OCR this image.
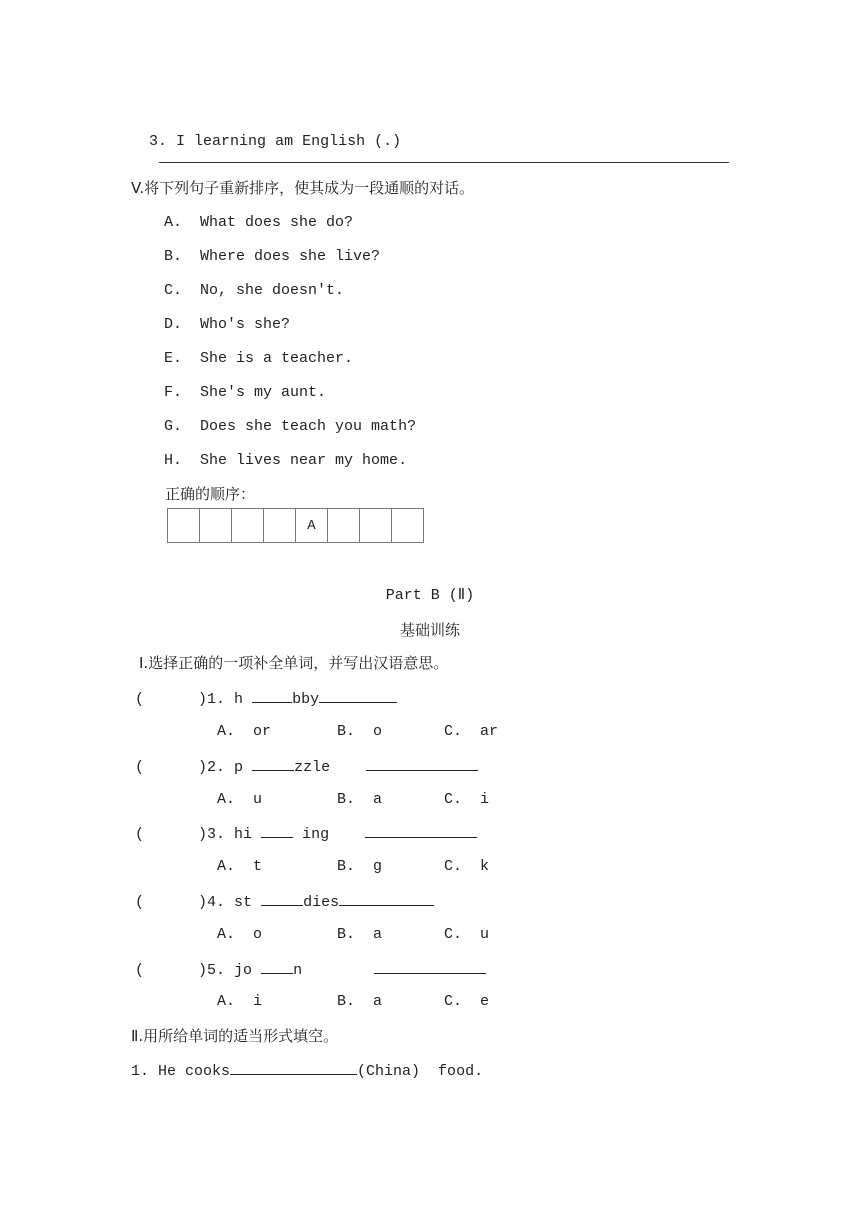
3. I learning am English (.)

V.将下列句子重新排序，使其成为一段通顺的对话。
A. What does she do?
B. Where does she live?
C. No, she doesn't.
D. Who's she?
E. She is a teacher.
F. She's my aunt.
G. Does she teach you math?
H. She lives near my home.
正确的顺序：
				A			
Part B (Ⅱ)
基础训练
Ⅰ.选择正确的一项补全单词，并写出汉语意思。
(      )1. h	bby
A.  or	B.  o	C.  ar
(      )2. p	zzle
A.  u	B.  a	C.  i
(      )3. hi	ing
A.  t	B.  g	C.  k
(      )4. st	dies
A.  o	B.  a	C.  u
(      )5. jo	n
A.  i	B.  a	C.  e
Ⅱ.用所给单词的适当形式填空。
1. He cooks	(China)  food.
